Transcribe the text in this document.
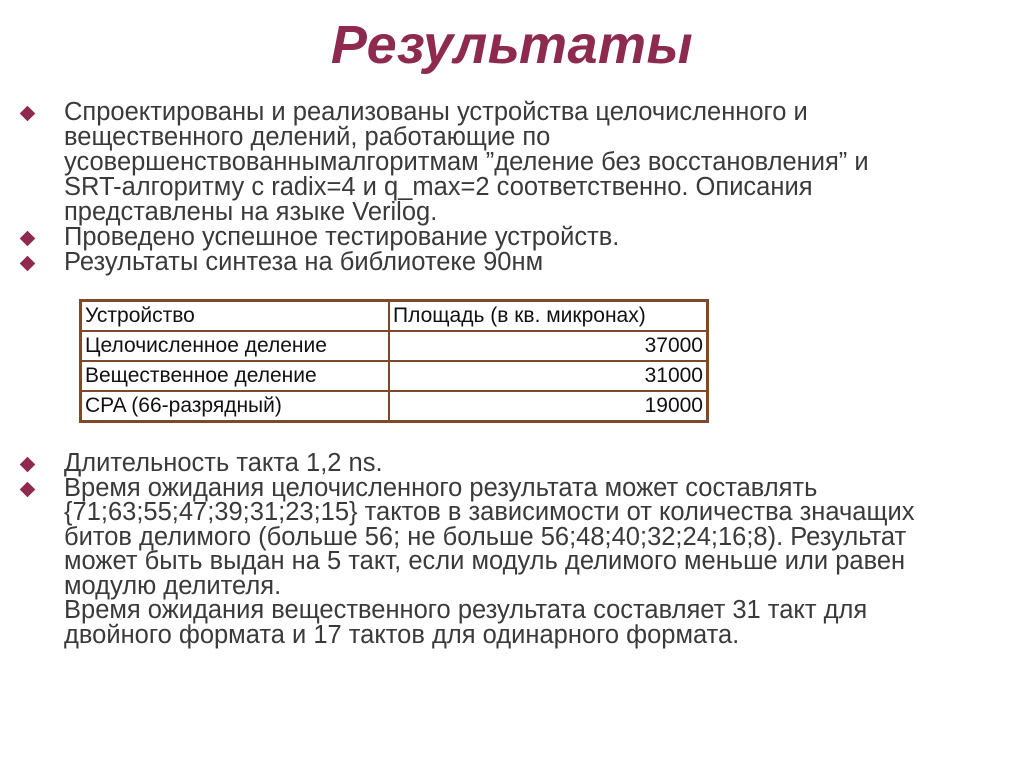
Результаты
Спроектированы и реализованы устройства целочисленного и
вещественного делений, работающие по
усовершенствованнымалгоритмам ”деление без восстановления” и
SRT-алгоритму с radix=4 и q_max=2 соответственно. Описания
представлены на языке Verilog.
Проведено успешное тестирование устройств.
Результаты синтеза на библиотеке 90нм
Устройство	Площадь (в кв. микронах)
Целочисленное деление	37000
Вещественное деление	31000
CPA (66-разрядный)	19000
Длительность такта 1,2 ns.
Время ожидания целочисленного результата может составлять
{71;63;55;47;39;31;23;15} тактов в зависимости от количества значащих
битов делимого (больше 56; не больше 56;48;40;32;24;16;8). Результат
может быть выдан на 5 такт, если модуль делимого меньше или равен
модулю делителя.
Время ожидания вещественного результата составляет 31 такт для
двойного формата и 17 тактов для одинарного формата.
